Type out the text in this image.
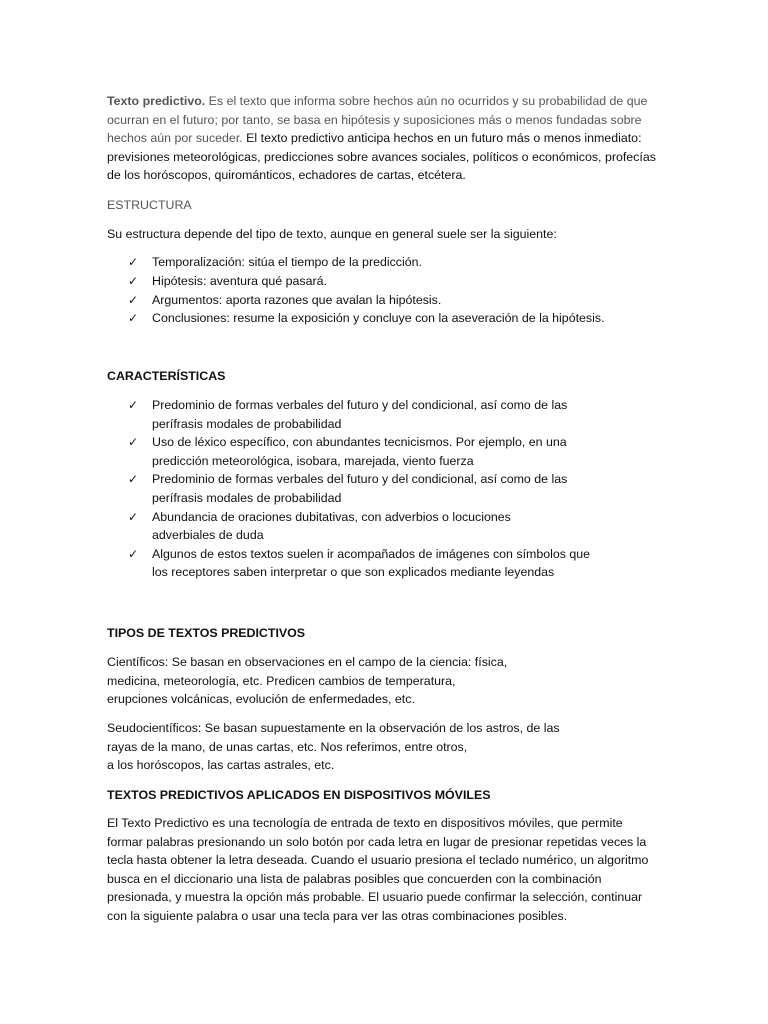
Texto predictivo. Es el texto que informa sobre hechos aún no ocurridos y su probabilidad de que
ocurran en el futuro; por tanto, se basa en hipótesis y suposiciones más o menos fundadas sobre
hechos aún por suceder. El texto predictivo anticipa hechos en un futuro más o menos inmediato:
previsiones meteorológicas, predicciones sobre avances sociales, políticos o económicos, profecías
de los horóscopos, quirománticos, echadores de cartas, etcétera.
ESTRUCTURA
Su estructura depende del tipo de texto, aunque en general suele ser la siguiente:
✓ Temporalización: sitúa el tiempo de la predicción.
✓ Hipótesis: aventura qué pasará.
✓ Argumentos: aporta razones que avalan la hipótesis.
✓ Conclusiones: resume la exposición y concluye con la aseveración de la hipótesis.
CARACTERÍSTICAS
✓ Predominio de formas verbales del futuro y del condicional, así como de las
perífrasis modales de probabilidad
✓ Uso de léxico específico, con abundantes tecnicismos. Por ejemplo, en una
predicción meteorológica, isobara, marejada, viento fuerza
✓ Predominio de formas verbales del futuro y del condicional, así como de las
perífrasis modales de probabilidad
✓ Abundancia de oraciones dubitativas, con adverbios o locuciones
adverbiales de duda
✓ Algunos de estos textos suelen ir acompañados de imágenes con símbolos que
los receptores saben interpretar o que son explicados mediante leyendas
TIPOS DE TEXTOS PREDICTIVOS
Científicos: Se basan en observaciones en el campo de la ciencia: física,
medicina, meteorología, etc. Predicen cambios de temperatura,
erupciones volcánicas, evolución de enfermedades, etc.
Seudocientíficos: Se basan supuestamente en la observación de los astros, de las
rayas de la mano, de unas cartas, etc. Nos referimos, entre otros,
a los horóscopos, las cartas astrales, etc.
TEXTOS PREDICTIVOS APLICADOS EN DISPOSITIVOS MÓVILES
El Texto Predictivo es una tecnología de entrada de texto en dispositivos móviles, que permite
formar palabras presionando un solo botón por cada letra en lugar de presionar repetidas veces la
tecla hasta obtener la letra deseada. Cuando el usuario presiona el teclado numérico, un algoritmo
busca en el diccionario una lista de palabras posibles que concuerden con la combinación
presionada, y muestra la opción más probable. El usuario puede confirmar la selección, continuar
con la siguiente palabra o usar una tecla para ver las otras combinaciones posibles.
